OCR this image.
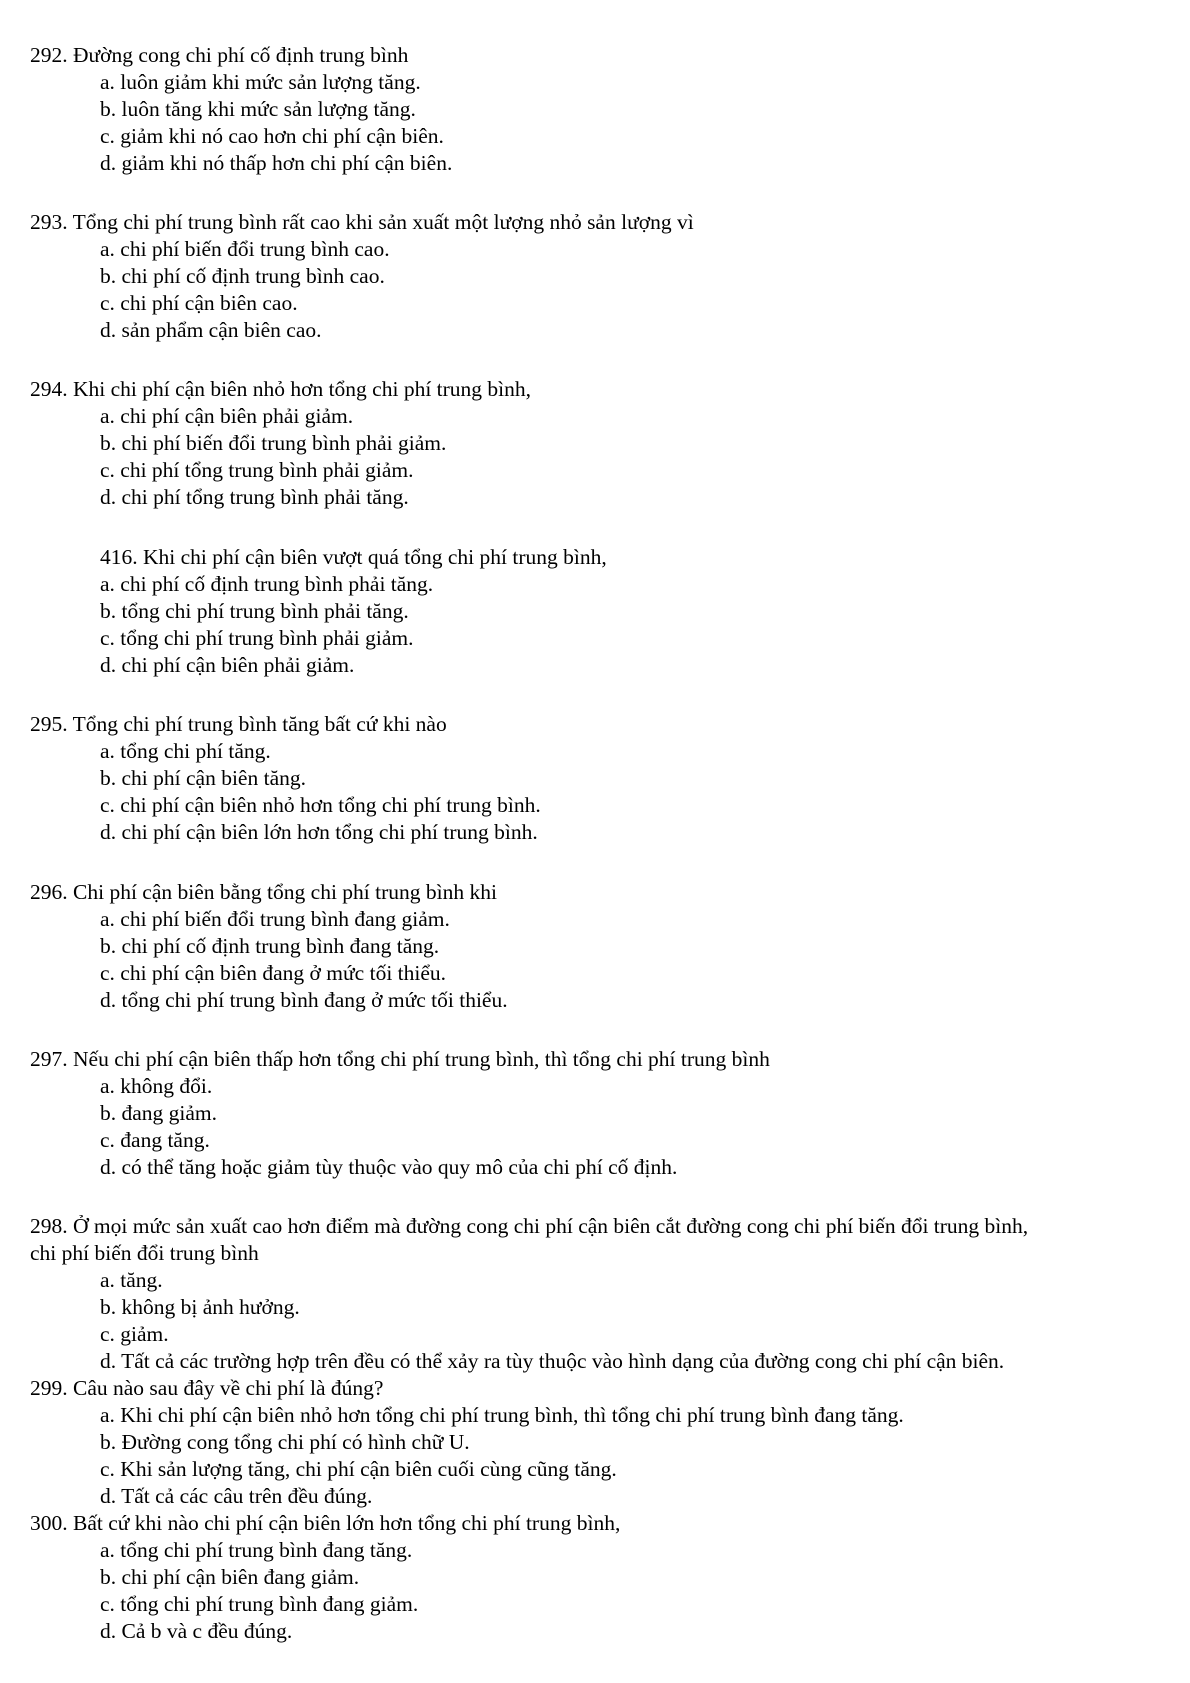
292. Đường cong chi phí cố định trung bình

a. luôn giảm khi mức sản lượng tăng.

b. luôn tăng khi mức sản lượng tăng.

c. giảm khi nó cao hơn chi phí cận biên.

d. giảm khi nó thấp hơn chi phí cận biên.

293. Tổng chi phí trung bình rất cao khi sản xuất một lượng nhỏ sản lượng vì

a. chi phí biến đổi trung bình cao.

b. chi phí cố định trung bình cao.

c. chi phí cận biên cao.

d. sản phẩm cận biên cao.

294. Khi chi phí cận biên nhỏ hơn tổng chi phí trung bình,

a. chi phí cận biên phải giảm.

b. chi phí biến đổi trung bình phải giảm.

c. chi phí tổng trung bình phải giảm.

d. chi phí tổng trung bình phải tăng.

416. Khi chi phí cận biên vượt quá tổng chi phí trung bình,

a. chi phí cố định trung bình phải tăng.

b. tổng chi phí trung bình phải tăng.

c. tổng chi phí trung bình phải giảm.

d. chi phí cận biên phải giảm.

295. Tổng chi phí trung bình tăng bất cứ khi nào

a. tổng chi phí tăng.

b. chi phí cận biên tăng.

c. chi phí cận biên nhỏ hơn tổng chi phí trung bình.

d. chi phí cận biên lớn hơn tổng chi phí trung bình.

296. Chi phí cận biên bằng tổng chi phí trung bình khi

a. chi phí biến đổi trung bình đang giảm.

b. chi phí cố định trung bình đang tăng.

c. chi phí cận biên đang ở mức tối thiểu.

d. tổng chi phí trung bình đang ở mức tối thiểu.

297. Nếu chi phí cận biên thấp hơn tổng chi phí trung bình, thì tổng chi phí trung bình

a. không đổi.

b. đang giảm.

c. đang tăng.

d. có thể tăng hoặc giảm tùy thuộc vào quy mô của chi phí cố định.

298. Ở mọi mức sản xuất cao hơn điểm mà đường cong chi phí cận biên cắt đường cong chi phí biến đổi trung bình,

chi phí biến đổi trung bình

a. tăng.

b. không bị ảnh hưởng.

c. giảm.

d. Tất cả các trường hợp trên đều có thể xảy ra tùy thuộc vào hình dạng của đường cong chi phí cận biên.

299. Câu nào sau đây về chi phí là đúng?

a. Khi chi phí cận biên nhỏ hơn tổng chi phí trung bình, thì tổng chi phí trung bình đang tăng.

b. Đường cong tổng chi phí có hình chữ U.

c. Khi sản lượng tăng, chi phí cận biên cuối cùng cũng tăng.

d. Tất cả các câu trên đều đúng.

300. Bất cứ khi nào chi phí cận biên lớn hơn tổng chi phí trung bình,

a. tổng chi phí trung bình đang tăng.

b. chi phí cận biên đang giảm.

c. tổng chi phí trung bình đang giảm.

d. Cả b và c đều đúng.
